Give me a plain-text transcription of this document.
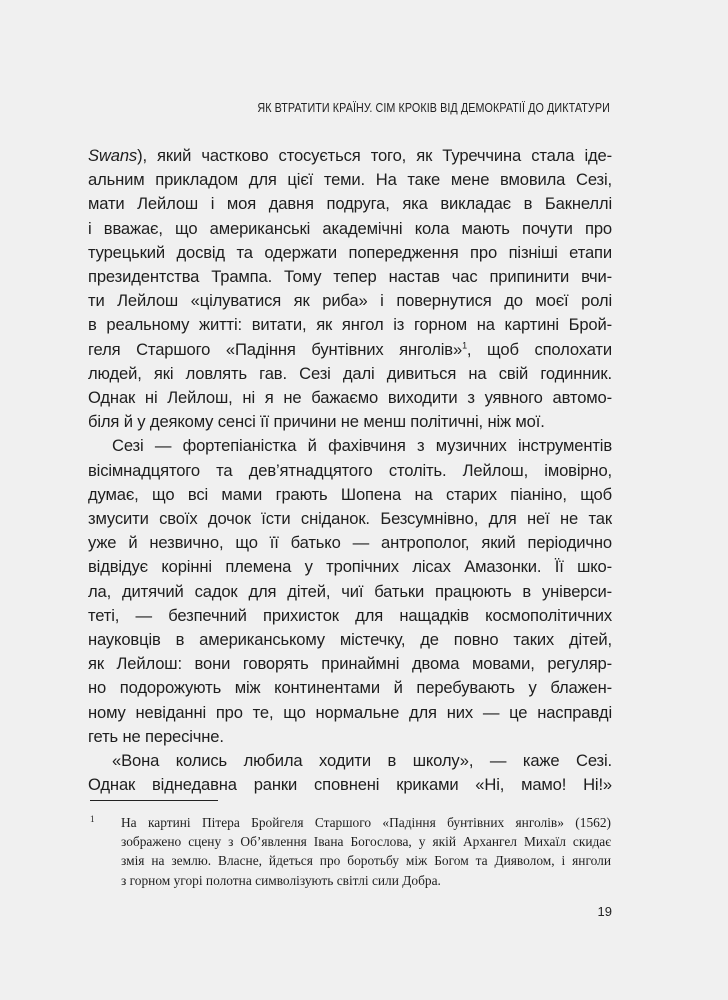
ЯК ВТРАТИТИ КРАЇНУ. СІМ КРОКІВ ВІД ДЕМОКРАТІЇ ДО ДИКТАТУРИ

Swans), який частково стосується того, як Туреччина стала іде-

альним прикладом для цієї теми. На таке мене вмовила Сезі,

мати Лейлош і моя давня подруга, яка викладає в Бакнеллі

і вважає, що американські академічні кола мають почути про

турецький досвід та одержати попередження про пізніші етапи

президентства Трампа. Тому тепер настав час припинити вчи-

ти Лейлош «цілуватися як риба» і повернутися до моєї ролі

в реальному житті: витати, як янгол із горном на картині Брой-

геля Старшого «Падіння бунтівних янголів»$^1$, щоб сполохати

людей, які ловлять гав. Сезі далі дивиться на свій годинник.

Однак ні Лейлош, ні я не бажаємо виходити з уявного автомо-

біля й у деякому сенсі її причини не менш політичні, ніж мої.

Сезі — фортепіаністка й фахівчиня з музичних інструментів

вісімнадцятого та дев’ятнадцятого століть. Лейлош, імовірно,

думає, що всі мами грають Шопена на старих піаніно, щоб

змусити своїх дочок їсти сніданок. Безсумнівно, для неї не так

уже й незвично, що її батько — антрополог, який періодично

відвідує корінні племена у тропічних лісах Амазонки. Її шко-

ла, дитячий садок для дітей, чиї батьки працюють в універси-

теті, — безпечний прихисток для нащадків космополітичних

науковців в американському містечку, де повно таких дітей,

як Лейлош: вони говорять принаймні двома мовами, регуляр-

но подорожують між континентами й перебувають у блажен-

ному невіданні про те, що нормальне для них — це насправді

геть не пересічне.

«Вона колись любила ходити в школу», — каже Сезі.

Однак віднедавна ранки сповнені криками «Ні, мамо! Ні!»

1 На картині Пітера Бройгеля Старшого «Падіння бунтівних янголів» (1562)
зображено сцену з Об’явлення Івана Богослова, у якій Архангел Михаїл скидає
змія на землю. Власне, йдеться про боротьбу між Богом та Дияволом, і янголи
з горном угорі полотна символізують світлі сили Добра.
19
